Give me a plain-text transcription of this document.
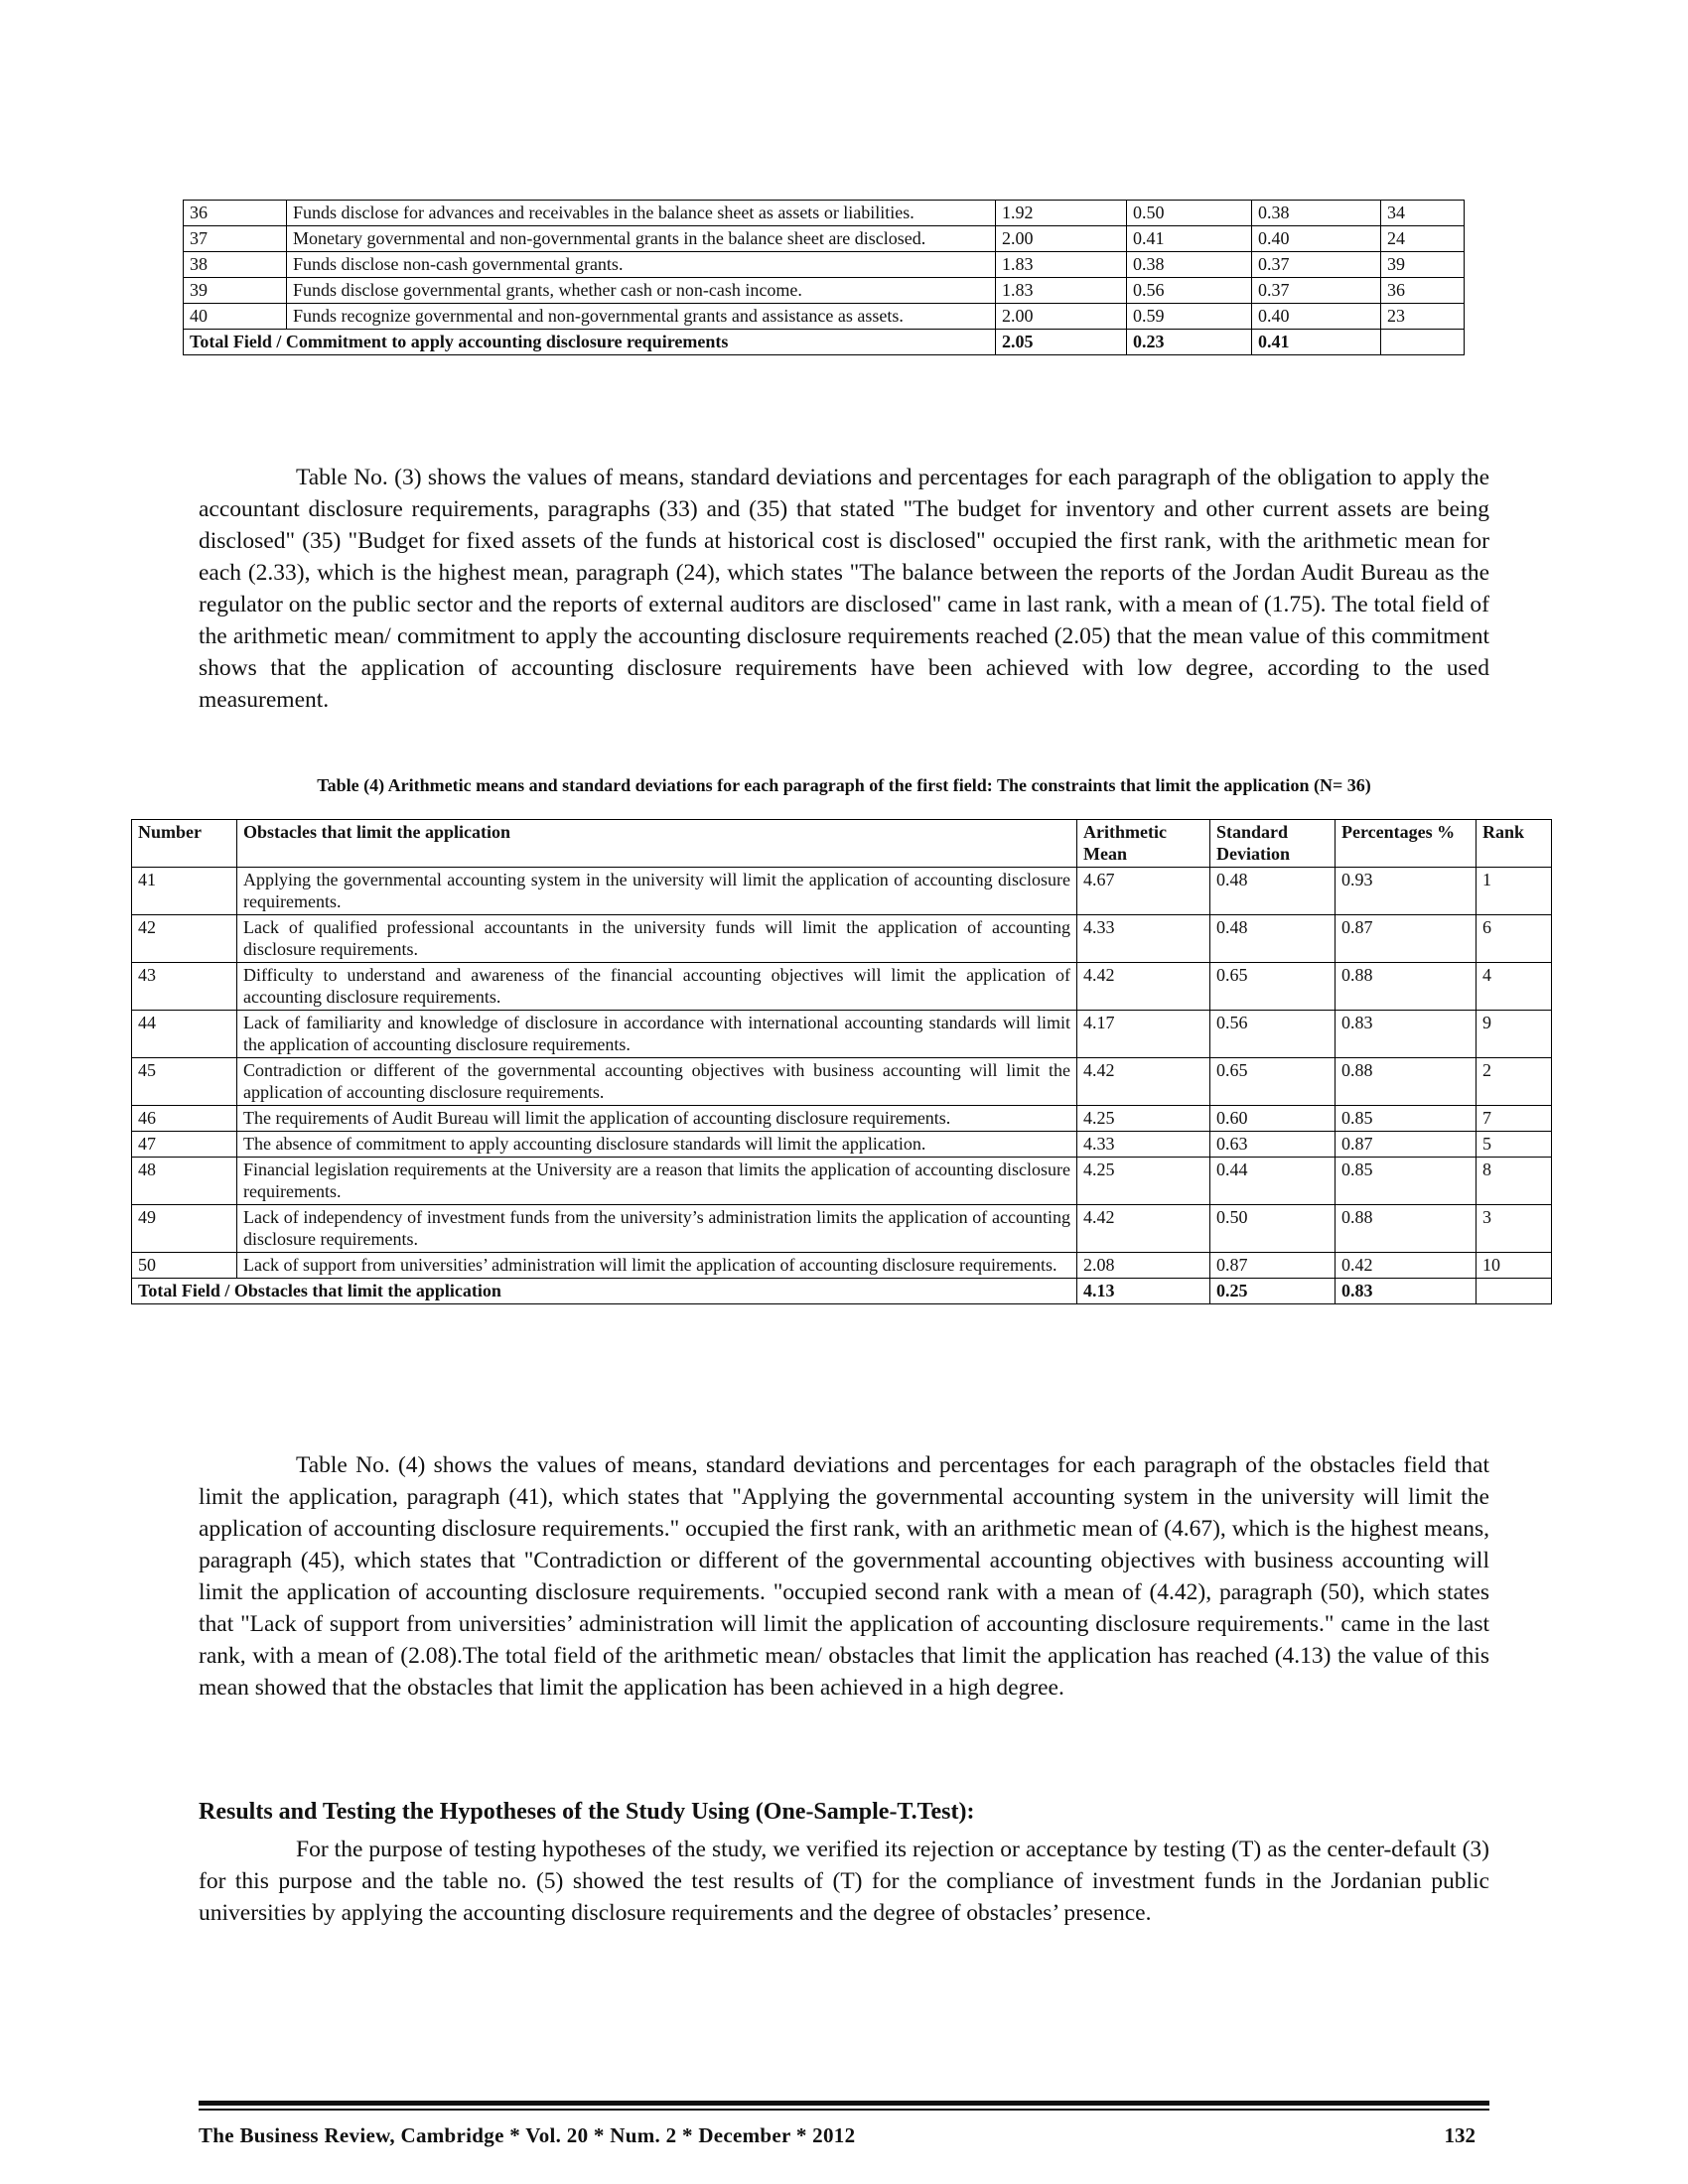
36	Funds disclose for advances and receivables in the balance sheet as assets or liabilities.	1.92	0.50	0.38	34
37	Monetary governmental and non-governmental grants in the balance sheet are disclosed.	2.00	0.41	0.40	24
38	Funds disclose non-cash governmental grants.	1.83	0.38	0.37	39
39	Funds disclose governmental grants, whether cash or non-cash income.	1.83	0.56	0.37	36
40	Funds recognize governmental and non-governmental grants and assistance as assets.	2.00	0.59	0.40	23
Total Field / Commitment to apply accounting disclosure requirements		2.05	0.23	0.41	

Table No. (3) shows the values of means, standard deviations and percentages for each paragraph of the obligation to apply the accountant disclosure requirements, paragraphs (33) and (35) that stated "The budget for inventory and other current assets are being disclosed" (35) "Budget for fixed assets of the funds at historical cost is disclosed" occupied the first rank, with the arithmetic mean for each (2.33), which is the highest mean, paragraph (24), which states "The balance between the reports of the Jordan Audit Bureau as the regulator on the public sector and the reports of external auditors are disclosed" came in last rank, with a mean of (1.75). The total field of the arithmetic mean/ commitment to apply the accounting disclosure requirements reached (2.05) that the mean value of this commitment shows that the application of accounting disclosure requirements have been achieved with low degree, according to the used measurement.

Table (4) Arithmetic means and standard deviations for each paragraph of the first field: The constraints that limit the application (N= 36)

Number	Obstacles that limit the application	Arithmetic Mean	Standard Deviation	Percentages %	Rank
41	Applying the governmental accounting system in the university will limit the application of accounting disclosure requirements.	4.67	0.48	0.93	1
42	Lack of qualified professional accountants in the university funds will limit the application of accounting disclosure requirements.	4.33	0.48	0.87	6
43	Difficulty to understand and awareness of the financial accounting objectives will limit the application of accounting disclosure requirements.	4.42	0.65	0.88	4
44	Lack of familiarity and knowledge of disclosure in accordance with international accounting standards will limit the application of accounting disclosure requirements.	4.17	0.56	0.83	9
45	Contradiction or different of the governmental accounting objectives with business accounting will limit the application of accounting disclosure requirements.	4.42	0.65	0.88	2
46	The requirements of Audit Bureau will limit the application of accounting disclosure requirements.	4.25	0.60	0.85	7
47	The absence of commitment to apply accounting disclosure standards will limit the application.	4.33	0.63	0.87	5
48	Financial legislation requirements at the University are a reason that limits the application of accounting disclosure requirements.	4.25	0.44	0.85	8
49	Lack of independency of investment funds from the university’s administration limits the application of accounting disclosure requirements.	4.42	0.50	0.88	3
50	Lack of support from universities’ administration will limit the application of accounting disclosure requirements.	2.08	0.87	0.42	10
Total Field / Obstacles that limit the application		4.13	0.25	0.83	

Table No. (4) shows the values of means, standard deviations and percentages for each paragraph of the obstacles field that limit the application, paragraph (41), which states that "Applying the governmental accounting system in the university will limit the application of accounting disclosure requirements." occupied the first rank, with an arithmetic mean of (4.67), which is the highest means, paragraph (45), which states that "Contradiction or different of the governmental accounting objectives with business accounting will limit the application of accounting disclosure requirements. "occupied second rank with a mean of (4.42), paragraph (50), which states that "Lack of support from universities’ administration will limit the application of accounting disclosure requirements." came in the last rank, with a mean of (2.08).The total field of the arithmetic mean/ obstacles that limit the application has reached (4.13) the value of this mean showed that the obstacles that limit the application has been achieved in a high degree.

Results and Testing the Hypotheses of the Study Using (One-Sample-T.Test):

For the purpose of testing hypotheses of the study, we verified its rejection or acceptance by testing (T) as the center-default (3) for this purpose and the table no. (5) showed the test results of (T) for the compliance of investment funds in the Jordanian public universities by applying the accounting disclosure requirements and the degree of obstacles’ presence.

The Business Review, Cambridge * Vol. 20 * Num. 2 * December * 2012	132
